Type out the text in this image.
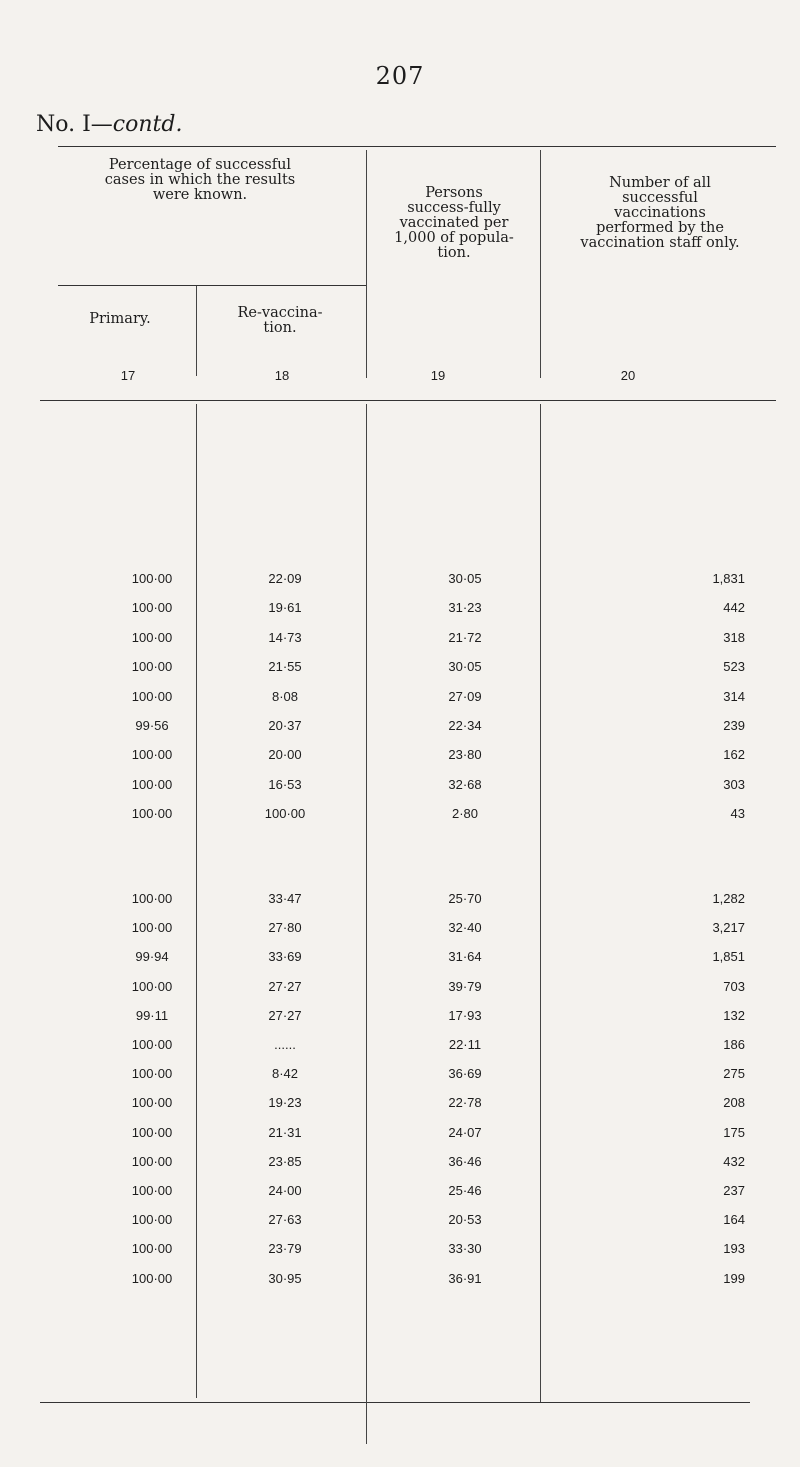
207
No. I—contd.
Percentage of successful cases in which the results were known.
Primary.	Re-vaccina-
tion.
Persons success-fully vaccinated per 1,000 of popula-tion.
Number of all successful vaccinations performed by the vaccination staff only.
17	18	19	20
100·00	22·09	30·05	1,831
100·00	19·61	31·23	442
100·00	14·73	21·72	318
100·00	21·55	30·05	523
100·00	8·08	27·09	314
99·56	20·37	22·34	239
100·00	20·00	23·80	162
100·00	16·53	32·68	303
100·00	100·00	2·80	43
100·00	33·47	25·70	1,282
100·00	27·80	32·40	3,217
99·94	33·69	31·64	1,851
100·00	27·27	39·79	703
99·11	27·27	17·93	132
100·00	......	22·11	186
100·00	8·42	36·69	275
100·00	19·23	22·78	208
100·00	21·31	24·07	175
100·00	23·85	36·46	432
100·00	24·00	25·46	237
100·00	27·63	20·53	164
100·00	23·79	33·30	193
100·00	30·95	36·91	199
